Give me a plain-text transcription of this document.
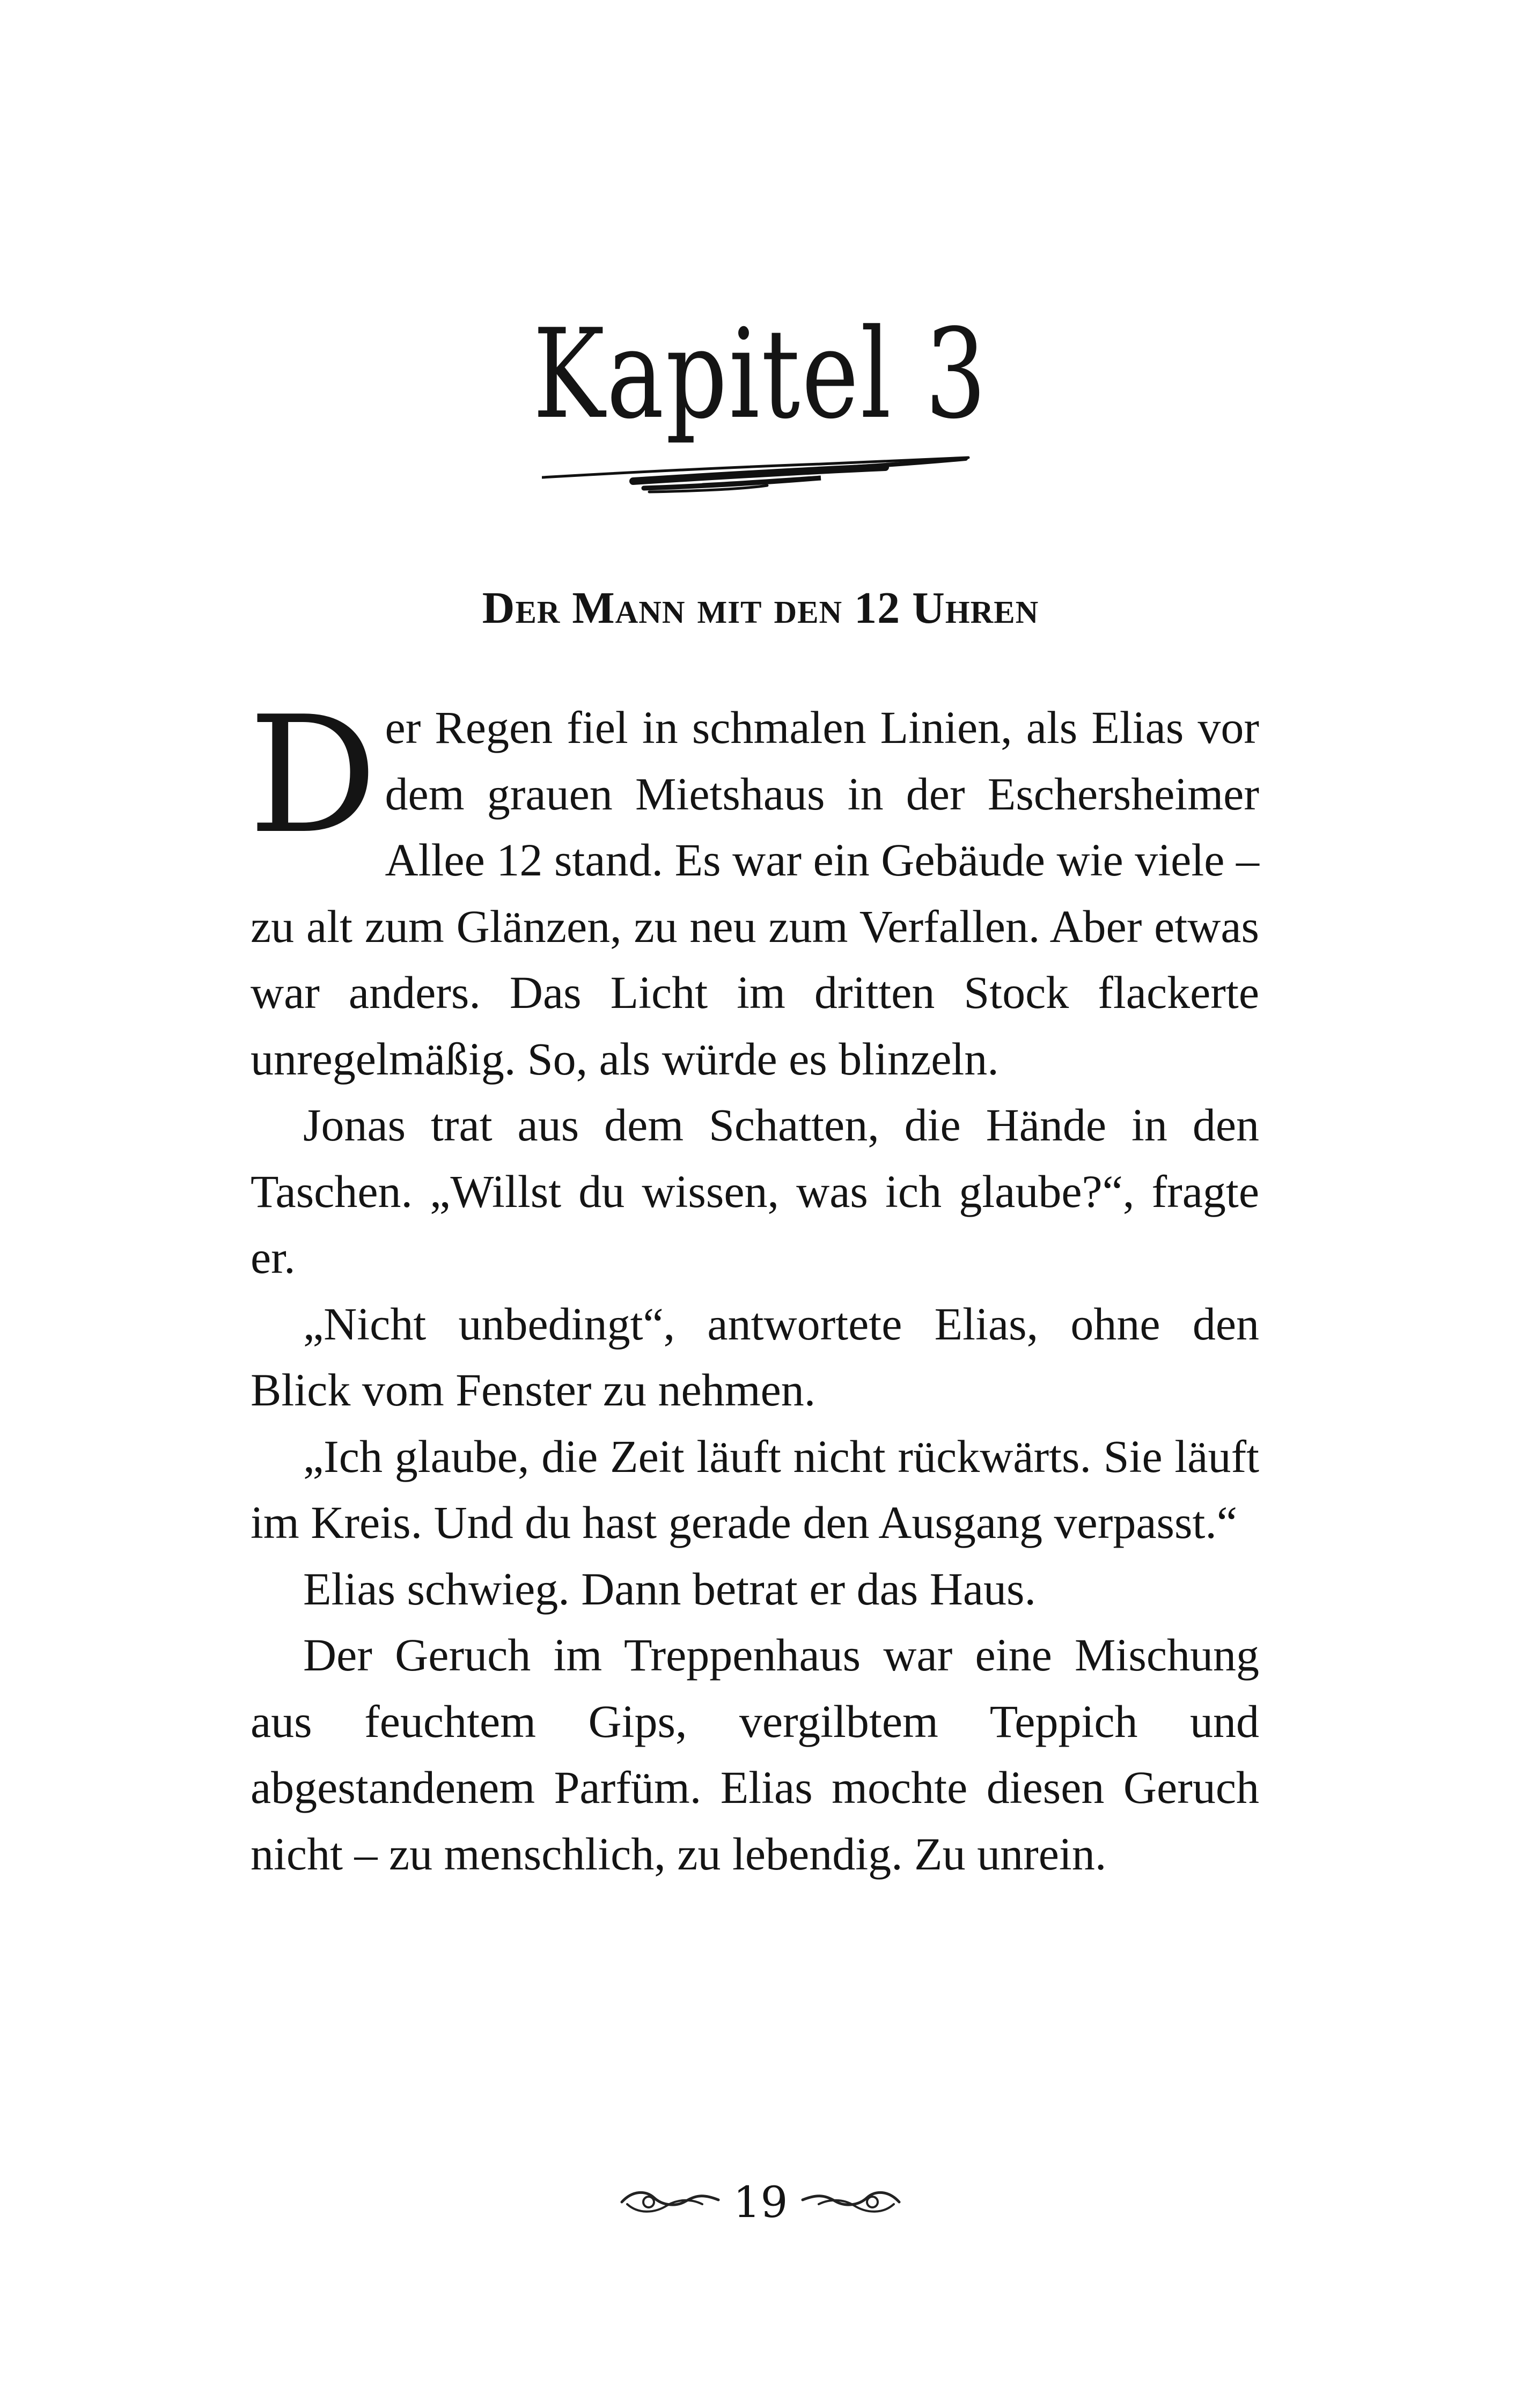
Kapitel 3
Der Mann mit den 12 Uhren

Der Regen fiel in schmalen Linien, als Elias vor dem grauen Mietshaus in der Eschersheimer Allee 12 stand. Es war ein Gebäude wie viele – zu alt zum Glänzen, zu neu zum Verfallen. Aber etwas war anders. Das Licht im dritten Stock flackerte unregelmäßig. So, als würde es blinzeln.

Jonas trat aus dem Schatten, die Hände in den Taschen. „Willst du wissen, was ich glaube?“, fragte er.

„Nicht unbedingt“, antwortete Elias, ohne den Blick vom Fenster zu nehmen.

„Ich glaube, die Zeit läuft nicht rückwärts. Sie läuft im Kreis. Und du hast gerade den Ausgang verpasst.“

Elias schwieg. Dann betrat er das Haus.

Der Geruch im Treppenhaus war eine Mischung aus feuchtem Gips, vergilbtem Teppich und abgestandenem Parfüm. Elias mochte diesen Geruch nicht – zu menschlich, zu lebendig. Zu unrein.

19
